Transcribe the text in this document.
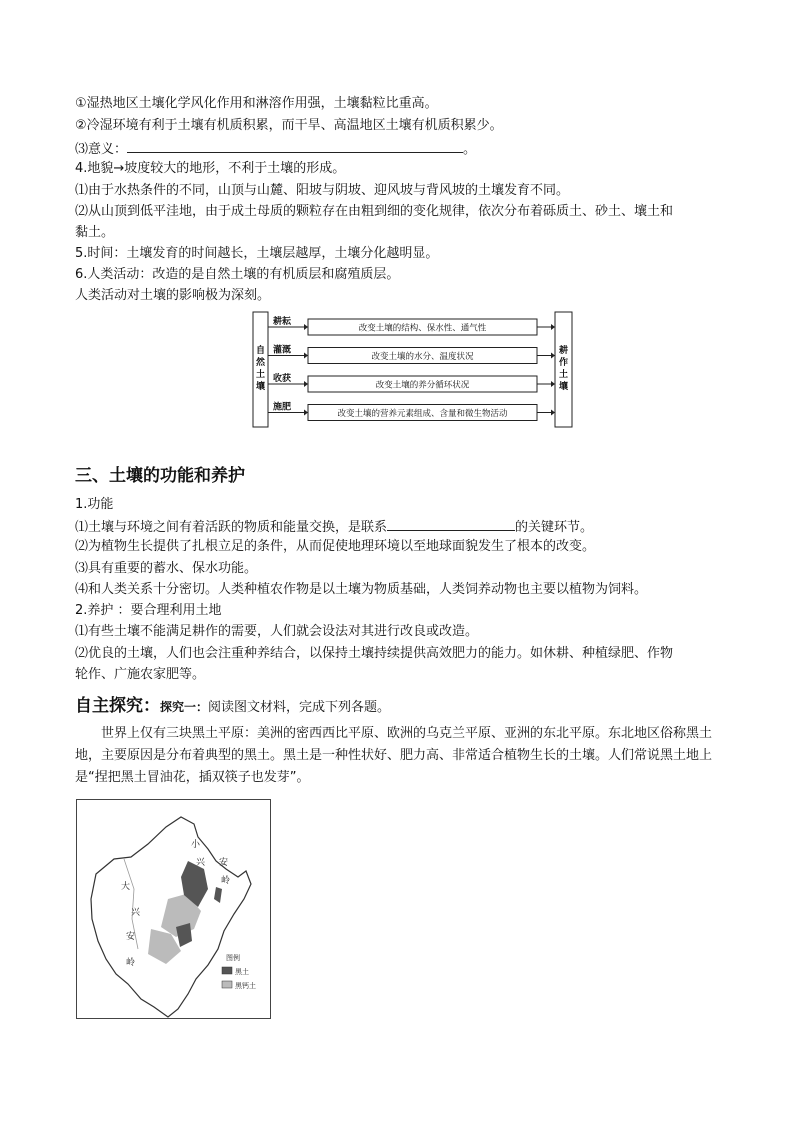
①湿热地区土壤化学风化作用和淋溶作用强，土壤黏粒比重高。
②冷湿环境有利于土壤有机质积累，而干旱、高温地区土壤有机质积累少。
⑶意义：	。
4.地貌→坡度较大的地形，不利于土壤的形成。
⑴由于水热条件的不同，山顶与山麓、阳坡与阴坡、迎风坡与背风坡的土壤发育不同。
⑵从山顶到低平洼地，由于成土母质的颗粒存在由粗到细的变化规律，依次分布着砾质土、砂土、壤土和
黏土。
5.时间：土壤发育的时间越长，土壤层越厚，土壤分化越明显。
6.人类活动：改造的是自然土壤的有机质层和腐殖质层。
人类活动对土壤的影响极为深刻。
自
然
土
壤
耕
作
土
壤
耕耘
改变土壤的结构、保水性、通气性
灌溉
改变土壤的水分、温度状况
收获
改变土壤的养分循环状况
施肥
改变土壤的营养元素组成、含量和微生物活动
三、土壤的功能和养护
1.功能
⑴土壤与环境之间有着活跃的物质和能量交换，是联系	的关键环节。
⑵为植物生长提供了扎根立足的条件，从而促使地理环境以至地球面貌发生了根本的改变。
⑶具有重要的蓄水、保水功能。
⑷和人类关系十分密切。人类种植农作物是以土壤为物质基础，人类饲养动物也主要以植物为饲料。
2.养护 ：要合理利用土地
⑴有些土壤不能满足耕作的需要，人们就会设法对其进行改良或改造。
⑵优良的土壤，人们也会注重种养结合，以保持土壤持续提供高效肥力的能力。如休耕、种植绿肥、作物
轮作、广施农家肥等。
自主探究：探究一：阅读图文材料，完成下列各题。
世界上仅有三块黑土平原：美洲的密西西比平原、欧洲的乌克兰平原、亚洲的东北平原。东北地区俗称黑土地，主要原因是分布着典型的黑土。黑土是一种性状好、肥力高、非常适合植物生长的土壤。人们常说黑土地上是“捏把黑土冒油花，插双筷子也发芽”。
大
兴
安
岭
小
兴 安
岭
图例
黑土
黑钙土
